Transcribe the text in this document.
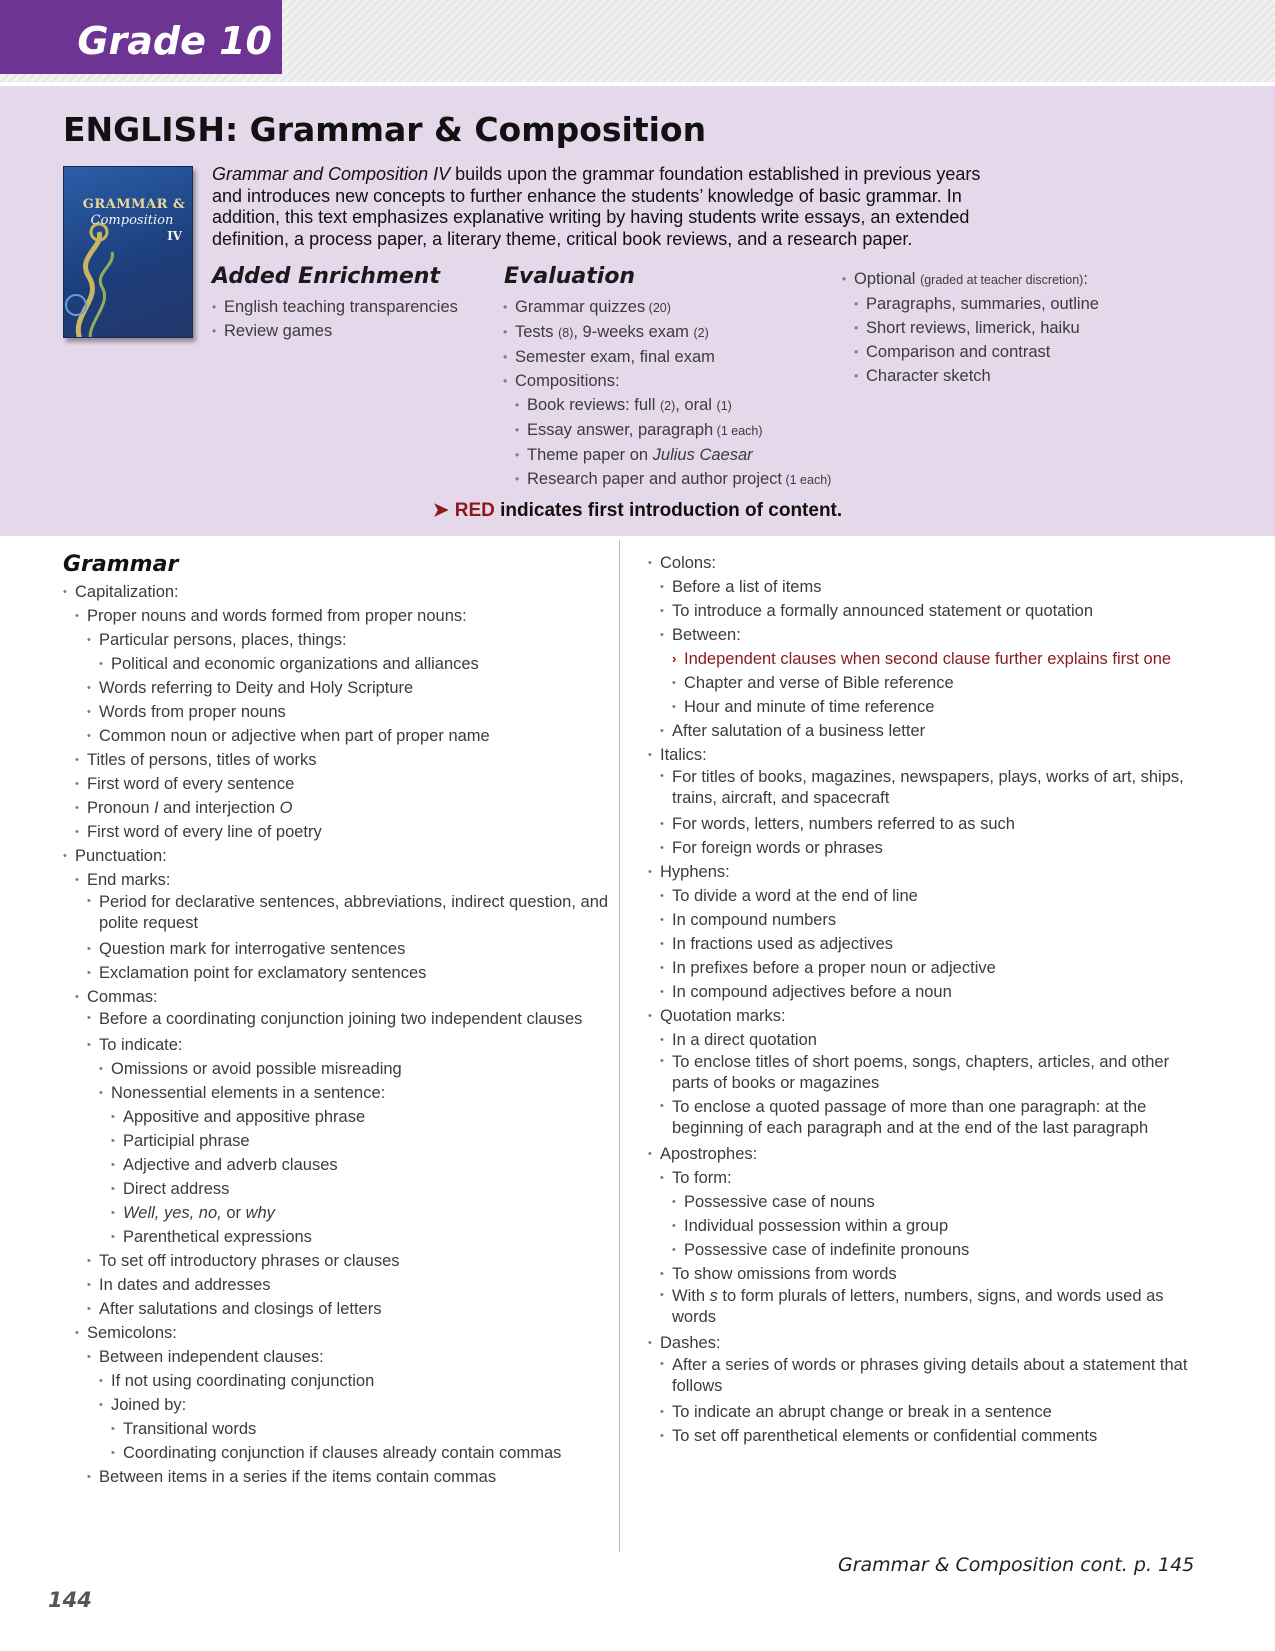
Grade 10
ENGLISH: Grammar & Composition
GRAMMAR &
Composition
IV

Grammar and Composition IV builds upon the grammar foundation established in previous years and introduces new concepts to further enhance the students’ knowledge of basic grammar. In addition, this text emphasizes explanative writing by having students write essays, an extended definition, a process paper, a literary theme, critical book reviews, and a research paper.

Added Enrichment
• English teaching transparencies
• Review games
Evaluation
• Grammar quizzes (20)
• Tests (8), 9-weeks exam (2)
• Semester exam, final exam
• Compositions:
• Book reviews: full (2), oral (1)
• Essay answer, paragraph (1 each)
• Theme paper on Julius Caesar
• Research paper and author project (1 each)
• Optional (graded at teacher discretion):
• Paragraphs, summaries, outline
• Short reviews, limerick, haiku
• Comparison and contrast
• Character sketch
➤ RED indicates first introduction of content.
Grammar
• Capitalization:
• Proper nouns and words formed from proper nouns:
• Particular persons, places, things:
• Political and economic organizations and alliances
• Words referring to Deity and Holy Scripture
• Words from proper nouns
• Common noun or adjective when part of proper name
• Titles of persons, titles of works
• First word of every sentence
• Pronoun I and interjection O
• First word of every line of poetry
• Punctuation:
• End marks:
• Period for declarative sentences, abbreviations, indirect question, and polite request
• Question mark for interrogative sentences
• Exclamation point for exclamatory sentences
• Commas:
• Before a coordinating conjunction joining two independent clauses
• To indicate:
• Omissions or avoid possible misreading
• Nonessential elements in a sentence:
• Appositive and appositive phrase
• Participial phrase
• Adjective and adverb clauses
• Direct address
• Well, yes, no, or why
• Parenthetical expressions
• To set off introductory phrases or clauses
• In dates and addresses
• After salutations and closings of letters
• Semicolons:
• Between independent clauses:
• If not using coordinating conjunction
• Joined by:
• Transitional words
• Coordinating conjunction if clauses already contain commas
• Between items in a series if the items contain commas
• Colons:
• Before a list of items
• To introduce a formally announced statement or quotation
• Between:
› Independent clauses when second clause further explains first one
• Chapter and verse of Bible reference
• Hour and minute of time reference
• After salutation of a business letter
• Italics:
• For titles of books, magazines, newspapers, plays, works of art, ships, trains, aircraft, and spacecraft
• For words, letters, numbers referred to as such
• For foreign words or phrases
• Hyphens:
• To divide a word at the end of line
• In compound numbers
• In fractions used as adjectives
• In prefixes before a proper noun or adjective
• In compound adjectives before a noun
• Quotation marks:
• In a direct quotation
• To enclose titles of short poems, songs, chapters, articles, and other parts of books or magazines
• To enclose a quoted passage of more than one paragraph: at the beginning of each paragraph and at the end of the last paragraph
• Apostrophes:
• To form:
• Possessive case of nouns
• Individual possession within a group
• Possessive case of indefinite pronouns
• To show omissions from words
• With s to form plurals of letters, numbers, signs, and words used as words
• Dashes:
• After a series of words or phrases giving details about a statement that follows
• To indicate an abrupt change or break in a sentence
• To set off parenthetical elements or confidential comments
Grammar & Composition cont. p. 145
144
